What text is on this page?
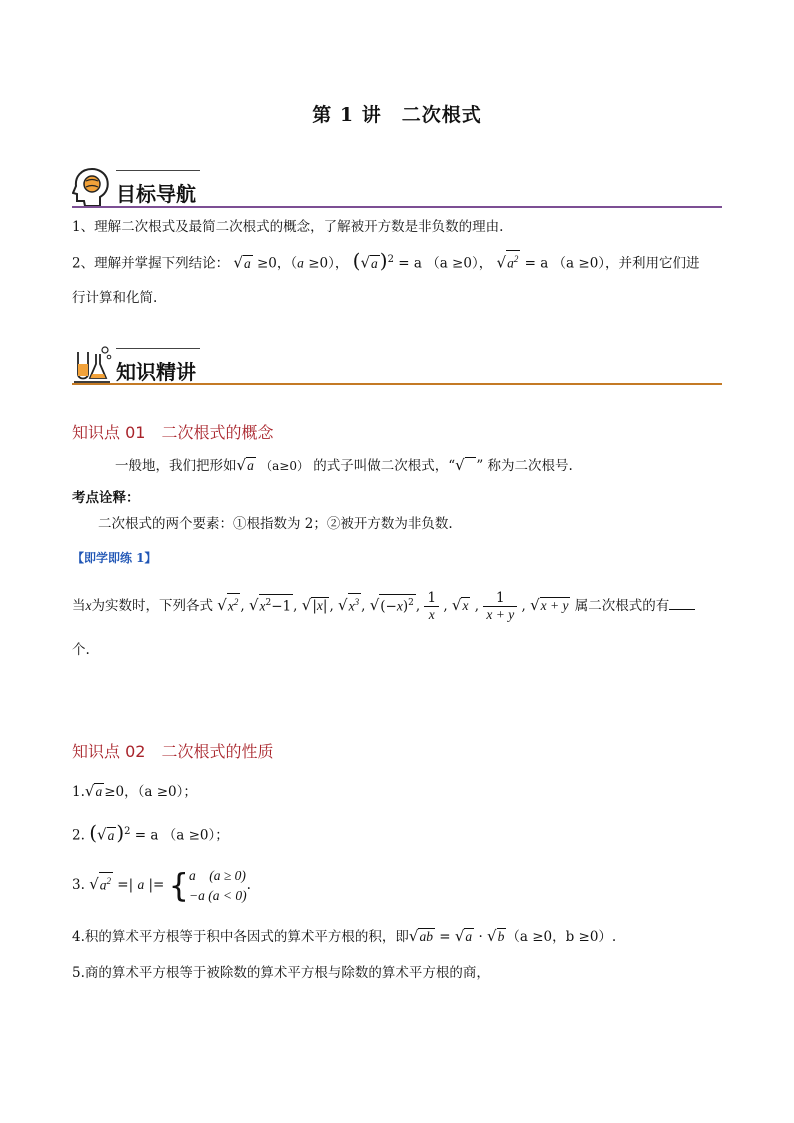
第 1 讲　二次根式
目标导航
1、理解二次根式及最简二次根式的概念，了解被开方数是非负数的理由.
2、理解并掌握下列结论： √a ≥0，（a ≥0）， (√a )$^2$ = a （a ≥0）， $√a^2 = a$ （a ≥0），并利用它们进
行计算和化简.
知识精讲
知识点 01　二次根式的概念
一般地，我们把形如√a （a≥0） 的式子叫做二次根式，“√ ” 称为二次根号.
考点诠释：
二次根式的两个要素：①根指数为 2；②被开方数为非负数.
【即学即练 1】
当x为实数时，下列各式 $√x^2$ , $√x^2-1$ , √|x| , $√x^3$ , $√(-x)^2$ , $\frac{1}{x}$ , √x , $\frac{1}{x + y}$ , √x + y 属二次根式的有
个.
知识点 02　二次根式的性质
1.√a ≥0，（a ≥0）；
2. (√a )$^2$ = a （a ≥0）；
3. $√a^2$ =| a |= { a　(a ≥ 0)
−a (a < 0)
.
4.积的算术平方根等于积中各因式的算术平方根的积，即√ab = √a · √b （a ≥0，b ≥0）.
5.商的算术平方根等于被除数的算术平方根与除数的算术平方根的商，
